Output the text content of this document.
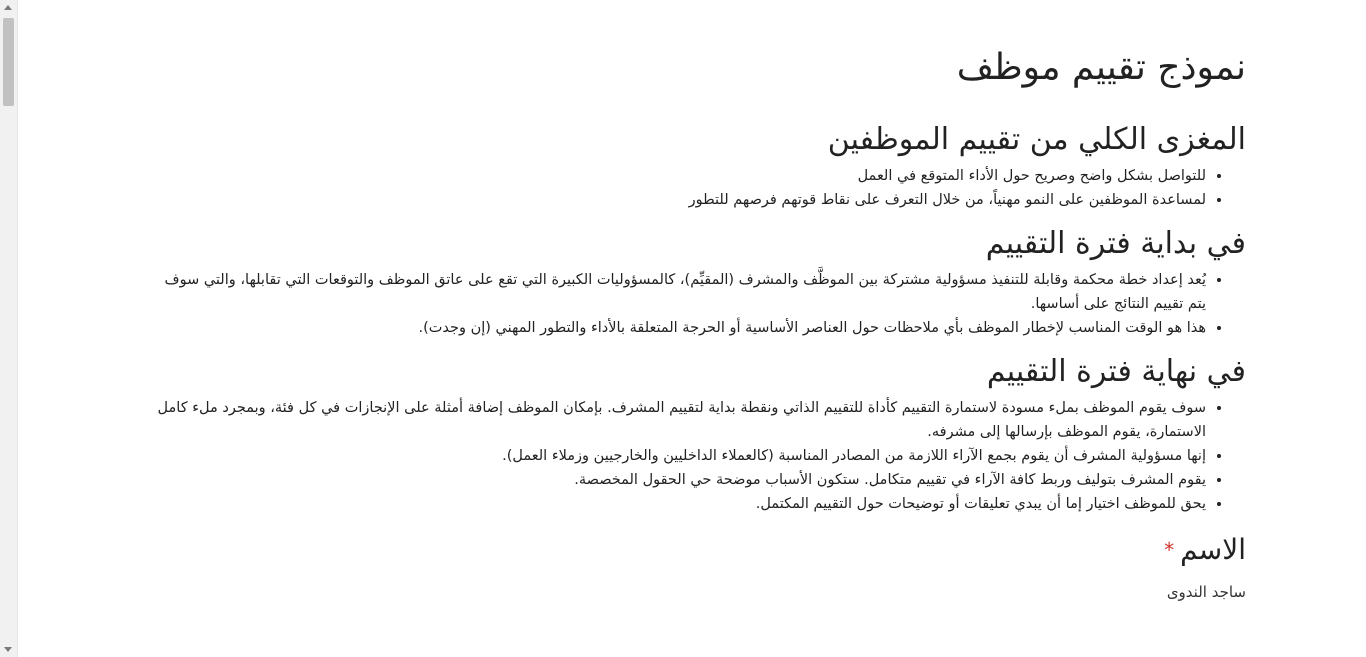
نموذج تقييم موظف
المغزى الكلي من تقييم الموظفين
• للتواصل بشكل واضح وصريح حول الأداء المتوقع في العمل
• لمساعدة الموظفين على النمو مهنياً، من خلال التعرف على نقاط قوتهم فرصهم للتطور
في بداية فترة التقييم
• يُعد إعداد خطة محكمة وقابلة للتنفيذ مسؤولية مشتركة بين الموظَّف والمشرف (المقيِّم)، كالمسؤوليات الكبيرة التي تقع على عاتق الموظف والتوقعات التي تقابلها، والتي سوف يتم تقييم النتائج على أساسها.
• هذا هو الوقت المناسب لإخطار الموظف بأي ملاحظات حول العناصر الأساسية أو الحرجة المتعلقة بالأداء والتطور المهني (إن وجدت).
في نهاية فترة التقييم
• سوف يقوم الموظف بملء مسودة لاستمارة التقييم كأداة للتقييم الذاتي ونقطة بداية لتقييم المشرف. بإمكان الموظف إضافة أمثلة على الإنجازات في كل فئة، وبمجرد ملء كامل الاستمارة، يقوم الموظف بإرسالها إلى مشرفه.
• إنها مسؤولية المشرف أن يقوم بجمع الآراء اللازمة من المصادر المناسبة (كالعملاء الداخليين والخارجيين وزملاء العمل).
• يقوم المشرف بتوليف وربط كافة الآراء في تقييم متكامل. ستكون الأسباب موضحة حي الحقول المخصصة.
• يحق للموظف اختيار إما أن يبدي تعليقات أو توضيحات حول التقييم المكتمل.
الاسم*
ساجد الندوى
